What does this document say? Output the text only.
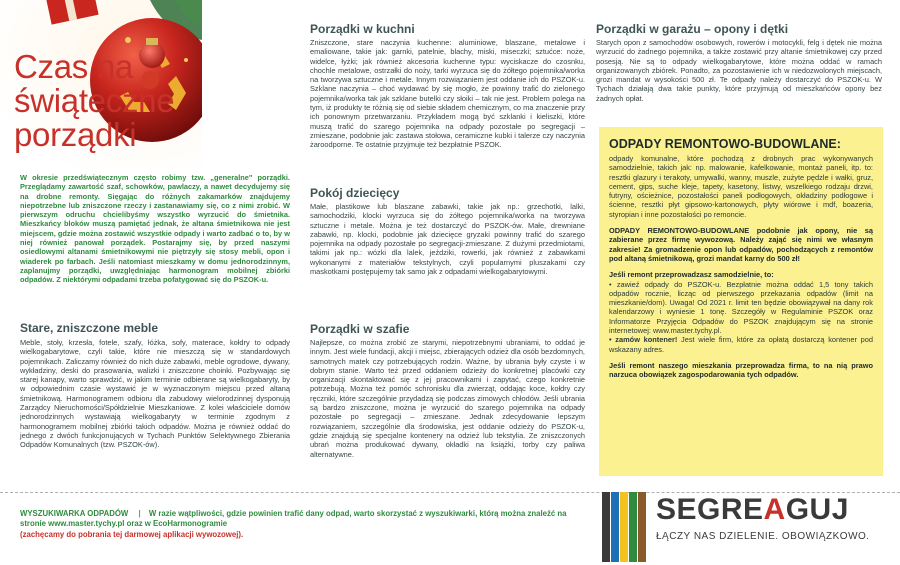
Czas na
świąteczne
porządki

W okresie przedświątecznym często robimy tzw. „generalne" porządki. Przeglądamy zawartość szaf, schowków, pawlaczy, a nawet decydujemy się na drobne remonty. Sięgając do różnych zakamarków znajdujemy niepotrzebne lub zniszczone rzeczy i zastanawiamy się, co z nimi zrobić. W pierwszym odruchu chcielibyśmy wszystko wyrzucić do śmietnika. Mieszkańcy bloków muszą pamiętać jednak, że altana śmietnikowa nie jest miejscem, gdzie można zostawić wszystkie odpady i warto zadbać o to, by w niej również panował porządek. Postarajmy się, by przed naszymi osiedlowymi altanami śmietnikowymi nie piętrzyły się stosy mebli, opon i wiaderek po farbach. Jeśli natomiast mieszkamy w domu jednorodzinnym, zaplanujmy porządki, uwzględniając harmonogram mobilnej zbiórki odpadów. Z niektórymi odpadami trzeba pofatygować się do PSZOK-u.

Stare, zniszczone meble

Meble, stoły, krzesła, fotele, szafy, łóżka, sofy, materace, kołdry to odpady wielkogabarytowe, czyli takie, które nie mieszczą się w standardowych pojemnikach. Zaliczamy również do nich duże zabawki, meble ogrodowe, dywany, wykładziny, deski do prasowania, walizki i zniszczone choinki. Pozbywając się starej kanapy, warto sprawdzić, w jakim terminie odbierane są wielkogabaryty, by w odpowiednim czasie wystawić je w wyznaczonym miejscu przed altaną śmietnikową. Harmonogramem odbioru dla zabudowy wielorodzinnej dysponują Zarządcy Nieruchomości/Spółdzielnie Mieszkaniowe. Z kolei właściciele domów jednorodzinnych wystawiają wielkogabaryty w terminie zgodnym z harmonogramem mobilnej zbiórki takich odpadów. Można je również oddać do jednego z dwóch funkcjonujących w Tychach Punktów Selektywnego Zbierania Odpadów Komunalnych (tzw. PSZOK-ów).

Porządki w kuchni

Zniszczone, stare naczynia kuchenne: aluminiowe, blaszane, metalowe i emaliowane, takie jak: garnki, patelnie, blachy, miski, miseczki; sztućce: noże, widelce, łyżki; jak również akcesoria kuchenne typu: wyciskacze do czosnku, chochle metalowe, ostrzałki do noży, tarki wyrzuca się do żółtego pojemnika/worka na tworzywa sztuczne i metale. Innym rozwiązaniem jest oddanie ich do PSZOK-u. Szklane naczynia – choć wydawać by się mogło, że powinny trafić do zielonego pojemnika/worka tak jak szklane butelki czy słoiki – tak nie jest. Problem polega na tym, iż produkty te różnią się od siebie składem chemicznym, co ma znaczenie przy ich ponownym przetwarzaniu. Przykładem mogą być szklanki i kieliszki, które muszą trafić do szarego pojemnika na odpady pozostałe po segregacji – zmieszane, podobnie jak: zastawa stołowa, ceramiczne kubki i talerze czy naczynia żaroodporne. Te ostatnie przyjmuje też bezpłatnie PSZOK.

Pokój dziecięcy

Małe, plastikowe lub blaszane zabawki, takie jak np.: grzechotki, lalki, samochodziki, klocki wyrzuca się do żółtego pojemnika/worka na tworzywa sztuczne i metale. Można je też dostarczyć do PSZOK-ów. Małe, drewniane zabawki, np. klocki, podobnie jak dziecięce gryzaki powinny trafić do szarego pojemnika na odpady pozostałe po segregacji-zmieszane. Z dużymi przedmiotami, takimi jak np.: wózki dla lalek, jeździki, rowerki, jak również z zabawkami wykonanymi z materiałów tekstylnych, czyli popularnymi pluszakami czy maskotkami postępujemy tak samo jak z odpadami wielkogabarytowymi.

Porządki w szafie

Najlepsze, co można zrobić ze starymi, niepotrzebnymi ubraniami, to oddać je innym. Jest wiele fundacji, akcji i miejsc, zbierających odzież dla osób bezdomnych, samotnych matek czy potrzebujących rodzin. Ważne, by ubrania były czyste i w dobrym stanie. Warto też przed oddaniem odzieży do konkretnej placówki czy organizacji skontaktować się z jej pracownikami i zapytać, czego konkretnie potrzebują. Można też pomóc schronisku dla zwierząt, oddając koce, kołdry czy ręczniki, które szczególnie przydadzą się podczas zimowych chłodów. Jeśli ubrania są bardzo zniszczone, można je wyrzucić do szarego pojemnika na odpady pozostałe po segregacji – zmieszane. Jednak zdecydowanie lepszym rozwiązaniem, szczególnie dla środowiska, jest oddanie odzieży do PSZOK-u, gdzie znajdują się specjalne kontenery na odzież lub tekstylia. Ze zniszczonych ubrań można produkować dywany, okładki na książki, torby czy paliwa alternatywne.

Porządki w garażu – opony i dętki

Starych opon z samochodów osobowych, rowerów i motocykli, felg i dętek nie można wyrzucić do żadnego pojemnika, a także zostawić przy altanie śmietnikowej czy przed posesją. Nie są to odpady wielkogabarytowe, które można oddać w ramach organizowanych zbiórek. Ponadto, za pozostawienie ich w niedozwolonych miejscach, grozi mandat w wysokości 500 zł. Te odpady należy dostarczyć do PSZOK-u. W Tychach działają dwa takie punkty, które przyjmują od mieszkańców opony bez żadnych opłat.

ODPADY REMONTOWO-BUDOWLANE:

odpady komunalne, które pochodzą z drobnych prac wykonywanych samodzielnie, takich jak: np. malowanie, kafelkowanie, montaż paneli, itp. to: resztki glazury i terakoty, umywalki, wanny, muszle, zużyte pędzle i wałki, gruz, cement, gips, suche kleje, tapety, kasetony, listwy, wszelkiego rodzaju drzwi, futryny, ościeżnice, pozostałości paneli podłogowych, okładziny podłogowe i ścienne, resztki płyt gipsowo-kartonowych, płyty wiórowe i mdf, boazeria, styropian i inne pozostałości po remoncie.

ODPADY REMONTOWO-BUDOWLANE podobnie jak opony, nie są zabierane przez firmę wywozową. Należy zająć się nimi we własnym zakresie! Za gromadzenie opon lub odpadów, pochodzących z remontów pod altaną śmietnikową, grozi mandat karny do 500 zł!

Jeśli remont przeprowadzasz samodzielnie, to:

• zawieź odpady do PSZOK-u. Bezpłatnie można oddać 1,5 tony takich odpadów rocznie, licząc od pierwszego przekazania odpadów (limit na mieszkanie/dom). Uwaga! Od 2021 r. limit ten będzie obowiązywał na dany rok kalendarzowy i wyniesie 1 tonę. Szczegóły w Regulaminie PSZOK oraz Informatorze Przyjęcia Odpadów do PSZOK znajdującym się na stronie internetowej: www.master.tychy.pl.

• zamów kontener! Jest wiele firm, które za opłatą dostarczą kontener pod wskazany adres.

Jeśli remont naszego mieszkania przeprowadza firma, to na nią prawo narzuca obowiązek zagospodarowania tych odpadów.

WYSZUKIWARKA ODPADÓW | W razie wątpliwości, gdzie powinien trafić dany odpad, warto skorzystać z wyszukiwarki, którą można znaleźć na stronie www.master.tychy.pl oraz w EcoHarmonogramie
(zachęcamy do pobrania tej darmowej aplikacji wywozowej).
SEGREAGUJ
ŁĄCZY NAS DZIELENIE. OBOWIĄZKOWO.
